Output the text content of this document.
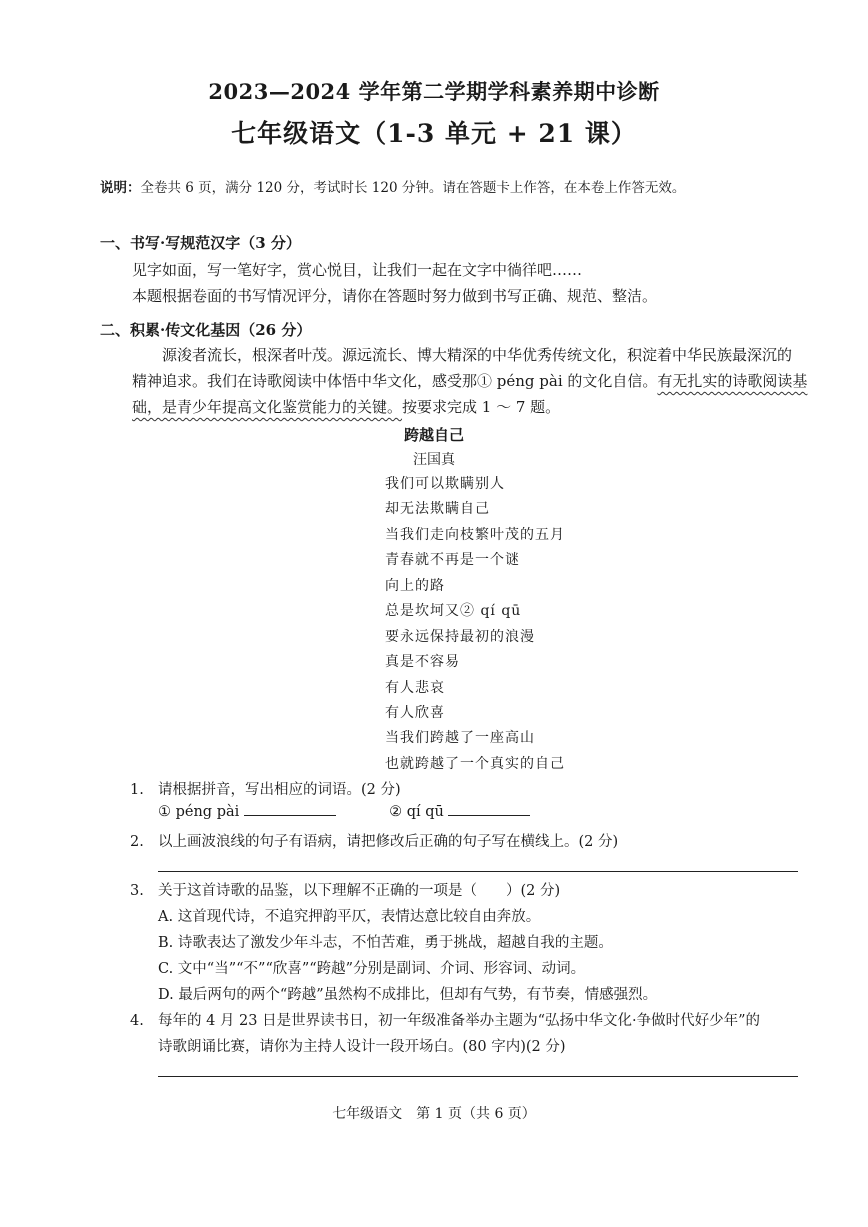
2023—2024 学年第二学期学科素养期中诊断
七年级语文（1-3 单元 + 21 课）
说明：全卷共 6 页，满分 120 分，考试时长 120 分钟。请在答题卡上作答，在本卷上作答无效。
一、书写·写规范汉字（3 分）
见字如面，写一笔好字，赏心悦目，让我们一起在文字中徜徉吧……
本题根据卷面的书写情况评分，请你在答题时努力做到书写正确、规范、整洁。
二、积累·传文化基因（26 分）
源浚者流长，根深者叶茂。源远流长、博大精深的中华优秀传统文化，积淀着中华民族最深沉的
精神追求。我们在诗歌阅读中体悟中华文化，感受那① péng pài 的文化自信。有无扎实的诗歌阅读基
础，是青少年提高文化鉴赏能力的关键。按要求完成 1 ～ 7 题。
跨越自己
汪国真
我们可以欺瞒别人
却无法欺瞒自己
当我们走向枝繁叶茂的五月
青春就不再是一个谜
向上的路
总是坎坷又② qí qū
要永远保持最初的浪漫
真是不容易
有人悲哀
有人欣喜
当我们跨越了一座高山
也就跨越了一个真实的自己
1. 请根据拼音，写出相应的词语。(2 分)
① péng pài	② qí qū
2. 以上画波浪线的句子有语病，请把修改后正确的句子写在横线上。(2 分)
3. 关于这首诗歌的品鉴，以下理解不正确的一项是（　　）(2 分)
A. 这首现代诗，不追究押韵平仄，表情达意比较自由奔放。
B. 诗歌表达了激发少年斗志，不怕苦难，勇于挑战，超越自我的主题。
C. 文中“当”“不”“欣喜”“跨越”分别是副词、介词、形容词、动词。
D. 最后两句的两个“跨越”虽然构不成排比，但却有气势，有节奏，情感强烈。
4. 每年的 4 月 23 日是世界读书日，初一年级准备举办主题为“弘扬中华文化·争做时代好少年”的
诗歌朗诵比赛，请你为主持人设计一段开场白。(80 字内)(2 分)
七年级语文　第 1 页（共 6 页）
